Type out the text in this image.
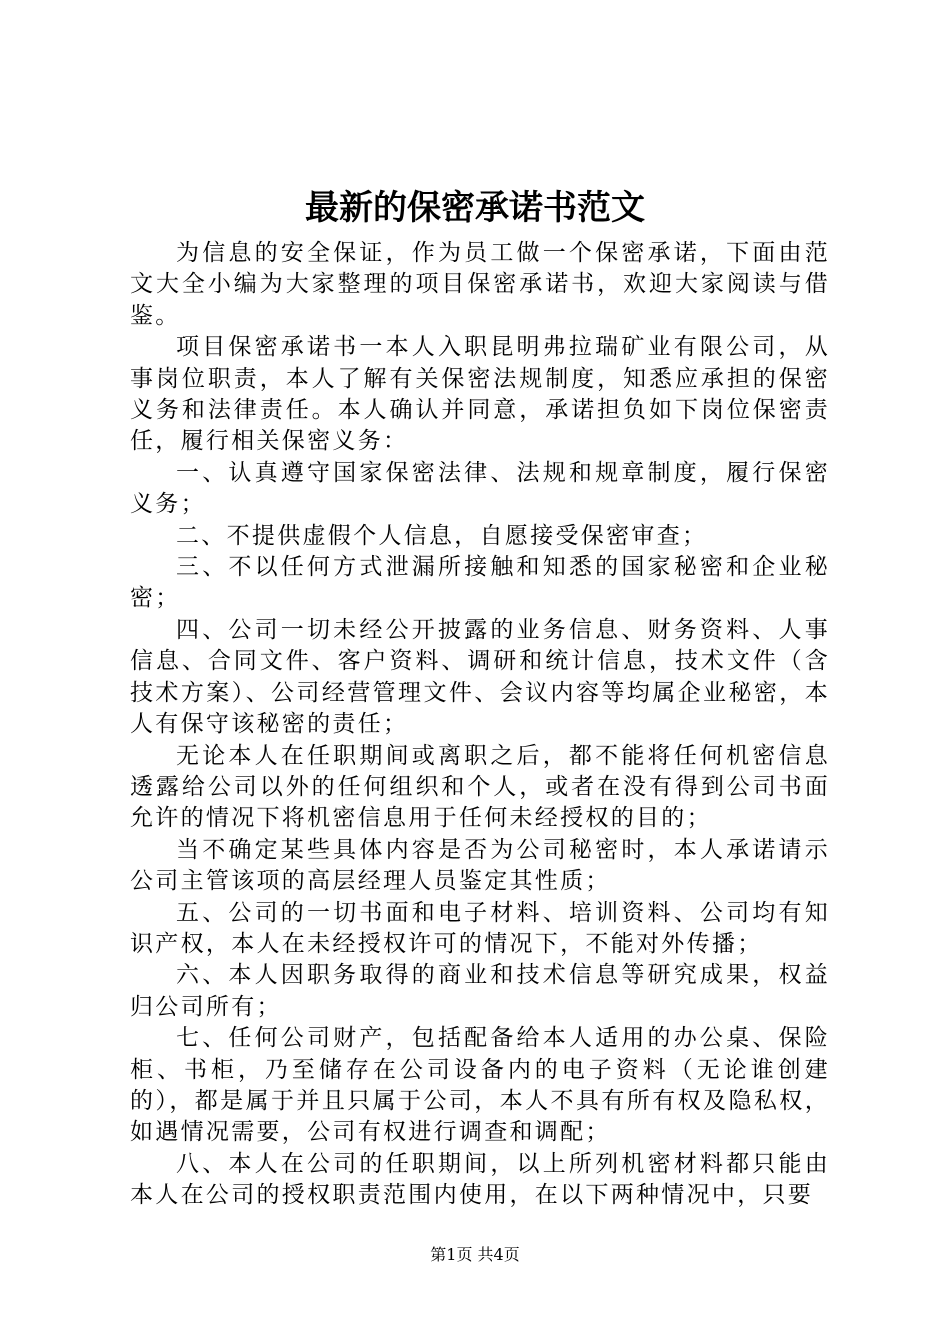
最新的保密承诺书范文

为信息的安全保证，作为员工做一个保密承诺，下面由范文大全小编为大家整理的项目保密承诺书，欢迎大家阅读与借鉴。

项目保密承诺书一本人入职昆明弗拉瑞矿业有限公司，从事岗位职责，本人了解有关保密法规制度，知悉应承担的保密义务和法律责任。本人确认并同意，承诺担负如下岗位保密责任，履行相关保密义务：

一、认真遵守国家保密法律、法规和规章制度，履行保密义务；

二、不提供虚假个人信息，自愿接受保密审查；

三、不以任何方式泄漏所接触和知悉的国家秘密和企业秘密；

四、公司一切未经公开披露的业务信息、财务资料、人事信息、合同文件、客户资料、调研和统计信息，技术文件（含技术方案）、公司经营管理文件、会议内容等均属企业秘密，本人有保守该秘密的责任；

无论本人在任职期间或离职之后，都不能将任何机密信息透露给公司以外的任何组织和个人，或者在没有得到公司书面允许的情况下将机密信息用于任何未经授权的目的；

当不确定某些具体内容是否为公司秘密时，本人承诺请示公司主管该项的高层经理人员鉴定其性质；

五、公司的一切书面和电子材料、培训资料、公司均有知识产权，本人在未经授权许可的情况下，不能对外传播；

六、本人因职务取得的商业和技术信息等研究成果，权益归公司所有；

七、任何公司财产，包括配备给本人适用的办公桌、保险柜、书柜，乃至储存在公司设备内的电子资料（无论谁创建的），都是属于并且只属于公司，本人不具有所有权及隐私权，如遇情况需要，公司有权进行调查和调配；

八、本人在公司的任职期间，以上所列机密材料都只能由本人在公司的授权职责范围内使用，在以下两种情况中，只要

第1页 共4页
